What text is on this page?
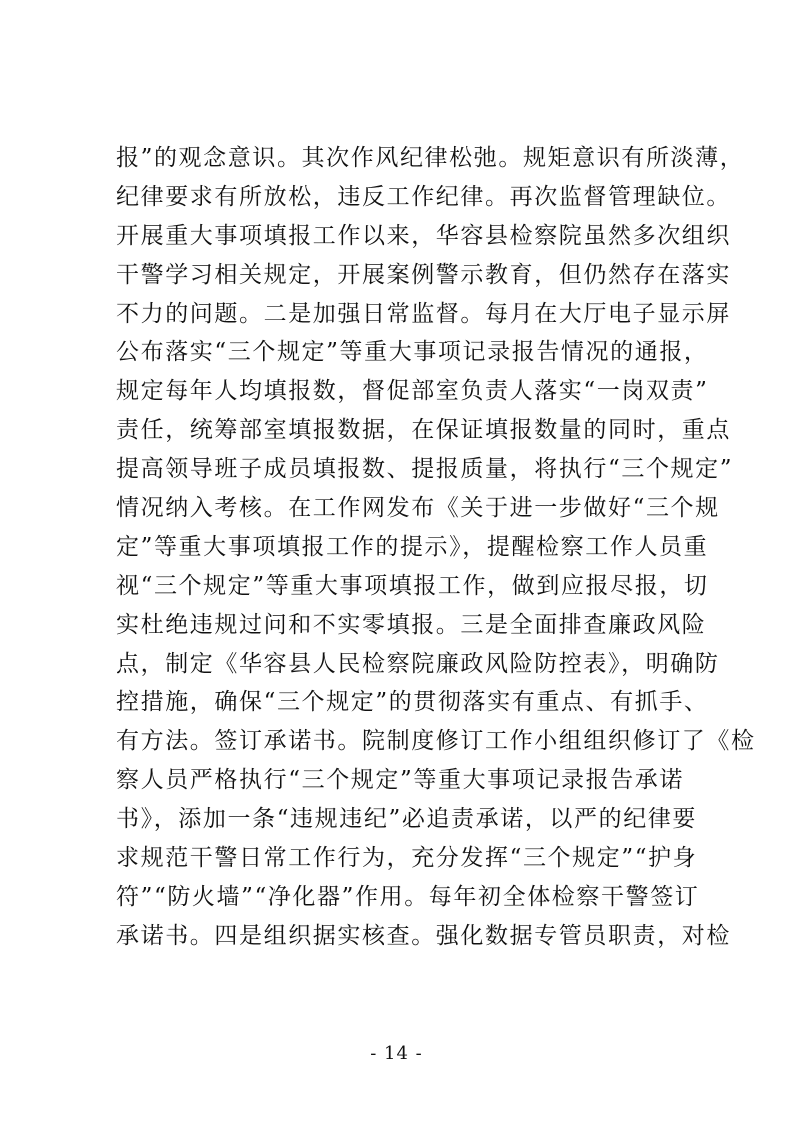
报”的观念意识。其次作风纪律松弛。规矩意识有所淡薄，
纪律要求有所放松，违反工作纪律。再次监督管理缺位。
开展重大事项填报工作以来，华容县检察院虽然多次组织
干警学习相关规定，开展案例警示教育，但仍然存在落实
不力的问题。二是加强日常监督。每月在大厅电子显示屏
公布落实“三个规定”等重大事项记录报告情况的通报，
规定每年人均填报数，督促部室负责人落实“一岗双责”
责任，统筹部室填报数据，在保证填报数量的同时，重点
提高领导班子成员填报数、提报质量，将执行“三个规定”
情况纳入考核。在工作网发布《关于进一步做好“三个规
定”等重大事项填报工作的提示》，提醒检察工作人员重
视“三个规定”等重大事项填报工作，做到应报尽报，切
实杜绝违规过问和不实零填报。三是全面排查廉政风险
点，制定《华容县人民检察院廉政风险防控表》，明确防
控措施，确保“三个规定”的贯彻落实有重点、有抓手、
有方法。签订承诺书。院制度修订工作小组组织修订了《检
察人员严格执行“三个规定”等重大事项记录报告承诺
书》，添加一条“违规违纪”必追责承诺，以严的纪律要
求规范干警日常工作行为，充分发挥“三个规定”“护身
符”“防火墙”“净化器”作用。每年初全体检察干警签订
承诺书。四是组织据实核查。强化数据专管员职责，对检
- 14 -
